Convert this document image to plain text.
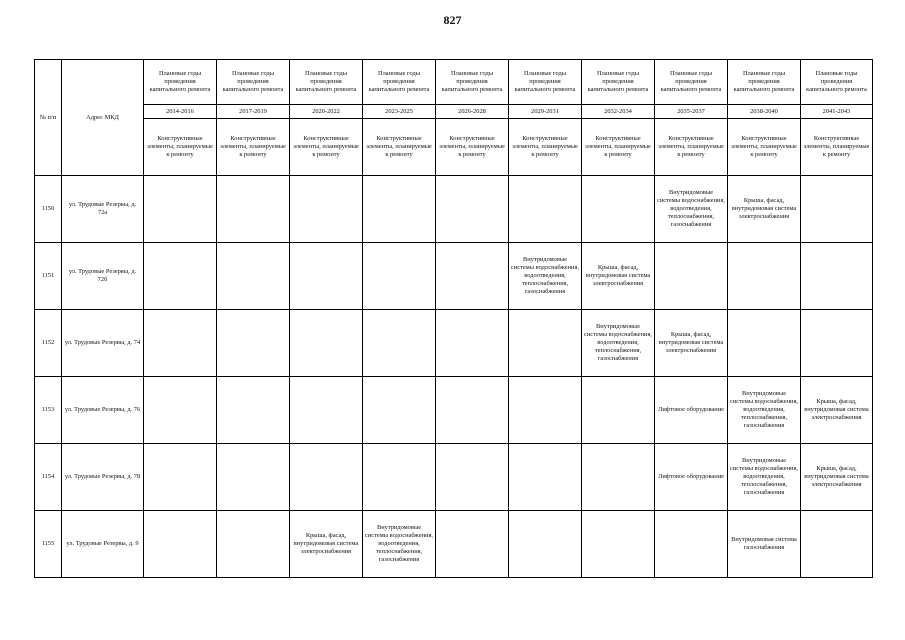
827
№ п/п	Адрес МКД	Плановые годы проведения капитального ремонта	Плановые годы проведения капитального ремонта	Плановые годы проведения капитального ремонта	Плановые годы проведения капитального ремонта	Плановые годы проведения капитального ремонта	Плановые годы проведения капитального ремонта	Плановые годы проведения капитального ремонта	Плановые годы проведения капитального ремонта	Плановые годы проведения капитального ремонта	Плановые годы проведения капитального ремонта
		2014-2016	2017-2019	2020-2022	2023-2025	2026-2028	2029-2031	2032-2034	2035-2037	2038-2040	2041-2043
		Конструктивные элементы, планируемые к ремонту	Конструктивные элементы, планируемые к ремонту	Конструктивные элементы, планируемые к ремонту	Конструктивные элементы, планируемые к ремонту	Конструктивные элементы, планируемые к ремонту	Конструктивные элементы, планируемые к ремонту	Конструктивные элементы, планируемые к ремонту	Конструктивные элементы, планируемые к ремонту	Конструктивные элементы, планируемые к ремонту	Конструктивные элементы, планируемые к ремонту
1150	ул. Трудовые Резервы, д. 72а								Внутридомовые системы водоснабжения, водоотведения, теплоснабжения, газоснабжения	Крыша, фасад, внутридомовая система электроснабжения	
1151	ул. Трудовые Резервы, д. 72б						Внутридомовые системы водоснабжения, водоотведения, теплоснабжения, газоснабжения	Крыша, фасад, внутридомовая система электроснабжения			
1152	ул. Трудовые Резервы, д. 74							Внутридомовые системы водоснабжения, водоотведения, теплоснабжения, газоснабжения	Крыша, фасад, внутридомовая система электроснабжения		
1153	ул. Трудовые Резервы, д. 76								Лифтовое оборудование	Внутридомовые системы водоснабжения, водоотведения, теплоснабжения, газоснабжения	Крыша, фасад, внутридомовая система электроснабжения
1154	ул. Трудовые Резервы, д. 78								Лифтовое оборудование	Внутридомовые системы водоснабжения, водоотведения, теплоснабжения, газоснабжения	Крыша, фасад, внутридомовая система электроснабжения
1155	ул. Трудовые Резервы, д. 9			Крыша, фасад, внутридомовая система электроснабжения	Внутридомовые системы водоснабжения, водоотведения, теплоснабжения, газоснабжения					Внутридомовая система газоснабжения	
